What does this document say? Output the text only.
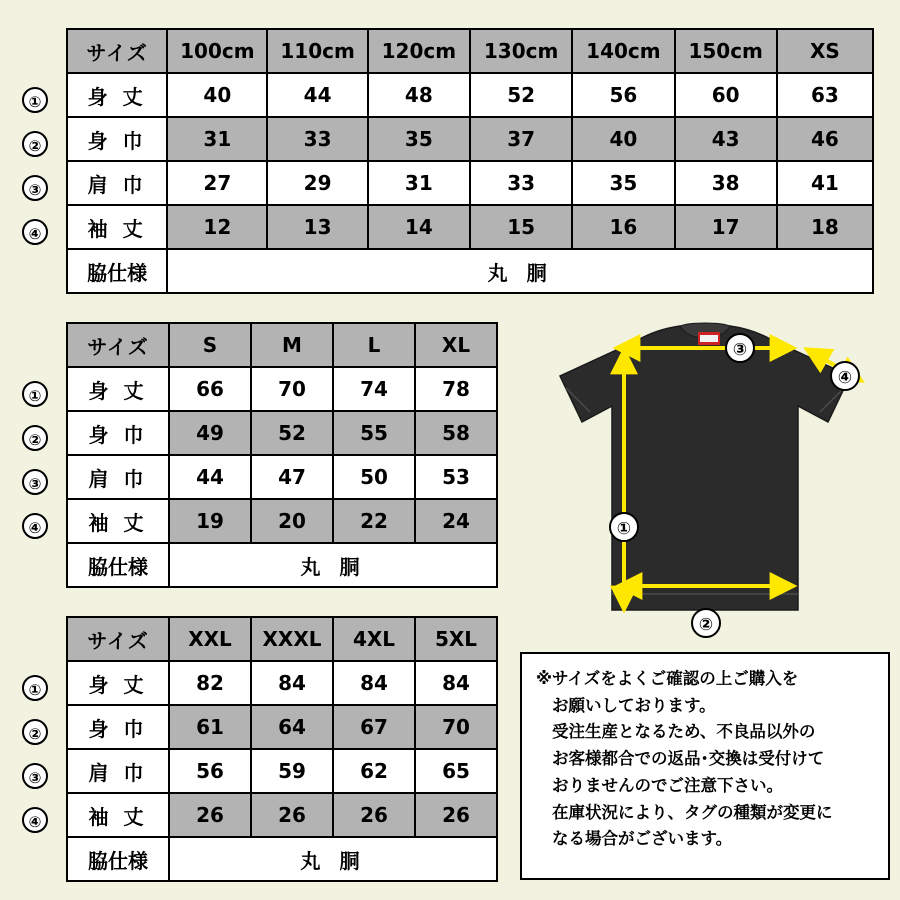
①
②
③
④
サイズ	100cm	110cm	120cm	130cm	140cm	150cm	XS
身 丈	40	44	48	52	56	60	63
身 巾	31	33	35	37	40	43	46
肩 巾	27	29	31	33	35	38	41
袖 丈	12	13	14	15	16	17	18
脇仕様	丸 胴						
①
②
③
④
サイズ	S	M	L	XL
身 丈	66	70	74	78
身 巾	49	52	55	58
肩 巾	44	47	50	53
袖 丈	19	20	22	24
脇仕様	丸 胴			
①
②
③
④
サイズ	XXL	XXXL	4XL	5XL
身 丈	82	84	84	84
身 巾	61	64	67	70
肩 巾	56	59	62	65
袖 丈	26	26	26	26
脇仕様	丸 胴			
③
④
①
②

※サイズをよくご確認の上ご購入を

お願いしております。

受注生産となるため、不良品以外の

お客様都合での返品･交換は受付けて

おりませんのでご注意下さい。

在庫状況により、タグの種類が変更に

なる場合がございます。
